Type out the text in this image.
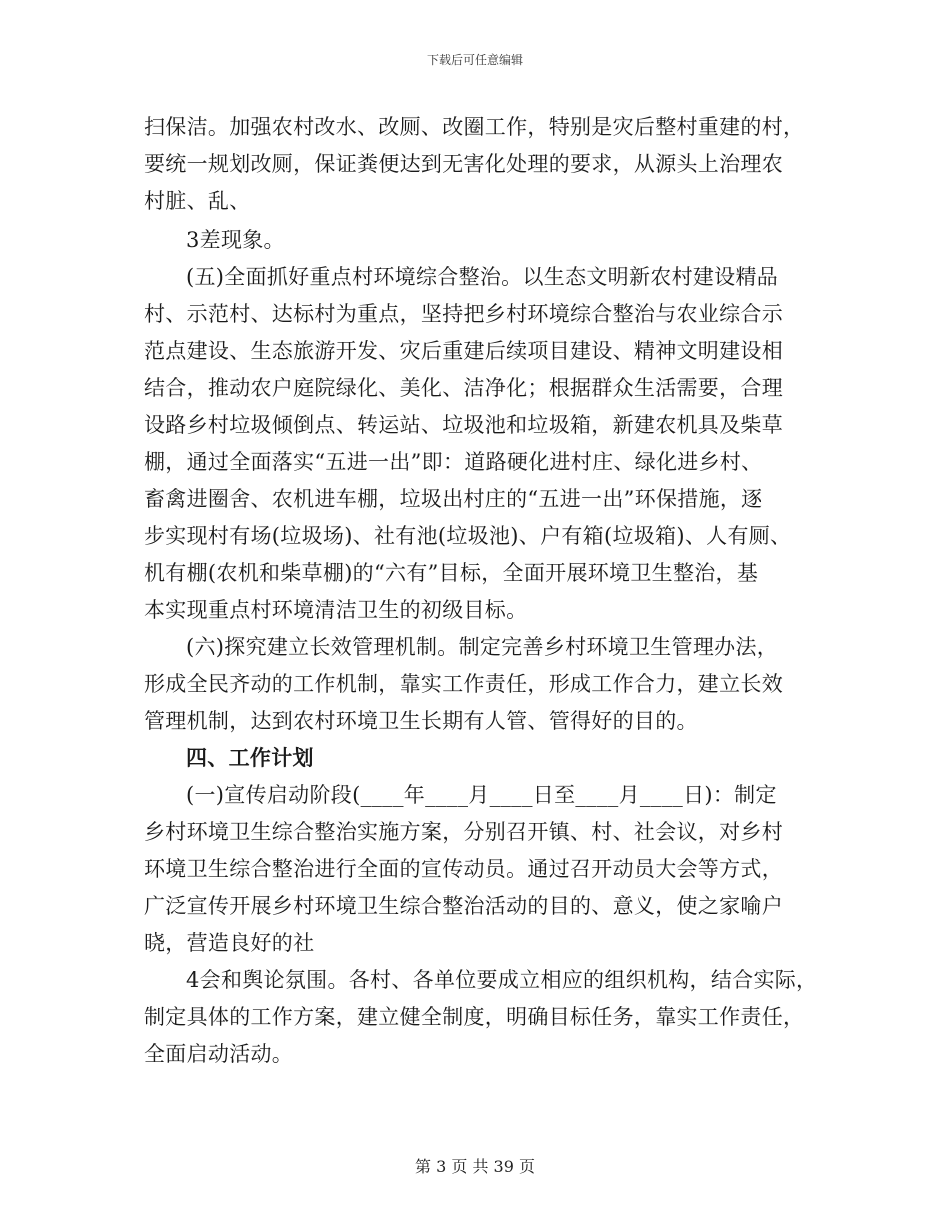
下载后可任意编辑
扫保洁。加强农村改水、改厕、改圈工作，特别是灾后整村重建的村，
要统一规划改厕，保证粪便达到无害化处理的要求，从源头上治理农
村脏、乱、
3差现象。
(五)全面抓好重点村环境综合整治。以生态文明新农村建设精品
村、示范村、达标村为重点，坚持把乡村环境综合整治与农业综合示
范点建设、生态旅游开发、灾后重建后续项目建设、精神文明建设相
结合，推动农户庭院绿化、美化、洁净化；根据群众生活需要，合理
设路乡村垃圾倾倒点、转运站、垃圾池和垃圾箱，新建农机具及柴草
棚，通过全面落实“五进一出”即：道路硬化进村庄、绿化进乡村、
畜禽进圈舍、农机进车棚，垃圾出村庄的“五进一出”环保措施，逐
步实现村有场(垃圾场)、社有池(垃圾池)、户有箱(垃圾箱)、人有厕、
机有棚(农机和柴草棚)的“六有”目标，全面开展环境卫生整治，基
本实现重点村环境清洁卫生的初级目标。
(六)探究建立长效管理机制。制定完善乡村环境卫生管理办法，
形成全民齐动的工作机制，靠实工作责任，形成工作合力，建立长效
管理机制，达到农村环境卫生长期有人管、管得好的目的。
四、工作计划
(一)宣传启动阶段(____年____月____日至____月____日)：制定
乡村环境卫生综合整治实施方案，分别召开镇、村、社会议，对乡村
环境卫生综合整治进行全面的宣传动员。通过召开动员大会等方式，
广泛宣传开展乡村环境卫生综合整治活动的目的、意义，使之家喻户
晓，营造良好的社
4会和舆论氛围。各村、各单位要成立相应的组织机构，结合实际，
制定具体的工作方案，建立健全制度，明确目标任务，靠实工作责任，
全面启动活动。
第 3 页 共 39 页
